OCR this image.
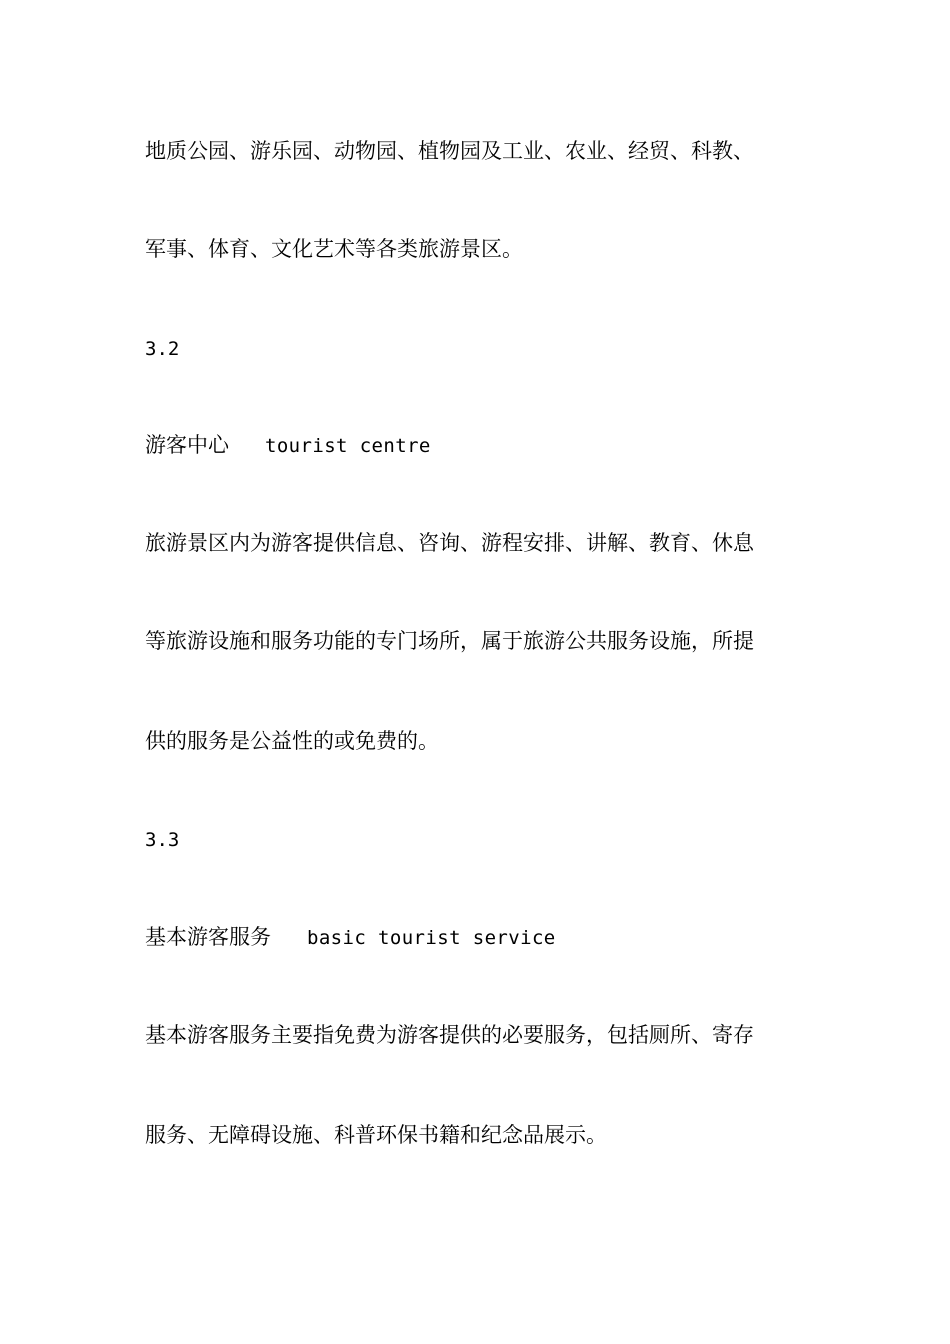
地质公园、游乐园、动物园、植物园及工业、农业、经贸、科教、
军事、体育、文化艺术等各类旅游景区。
3.2
游客中心 tourist centre
旅游景区内为游客提供信息、咨询、游程安排、讲解、教育、休息
等旅游设施和服务功能的专门场所，属于旅游公共服务设施，所提
供的服务是公益性的或免费的。
3.3
基本游客服务 basic tourist service
基本游客服务主要指免费为游客提供的必要服务，包括厕所、寄存
服务、无障碍设施、科普环保书籍和纪念品展示。
